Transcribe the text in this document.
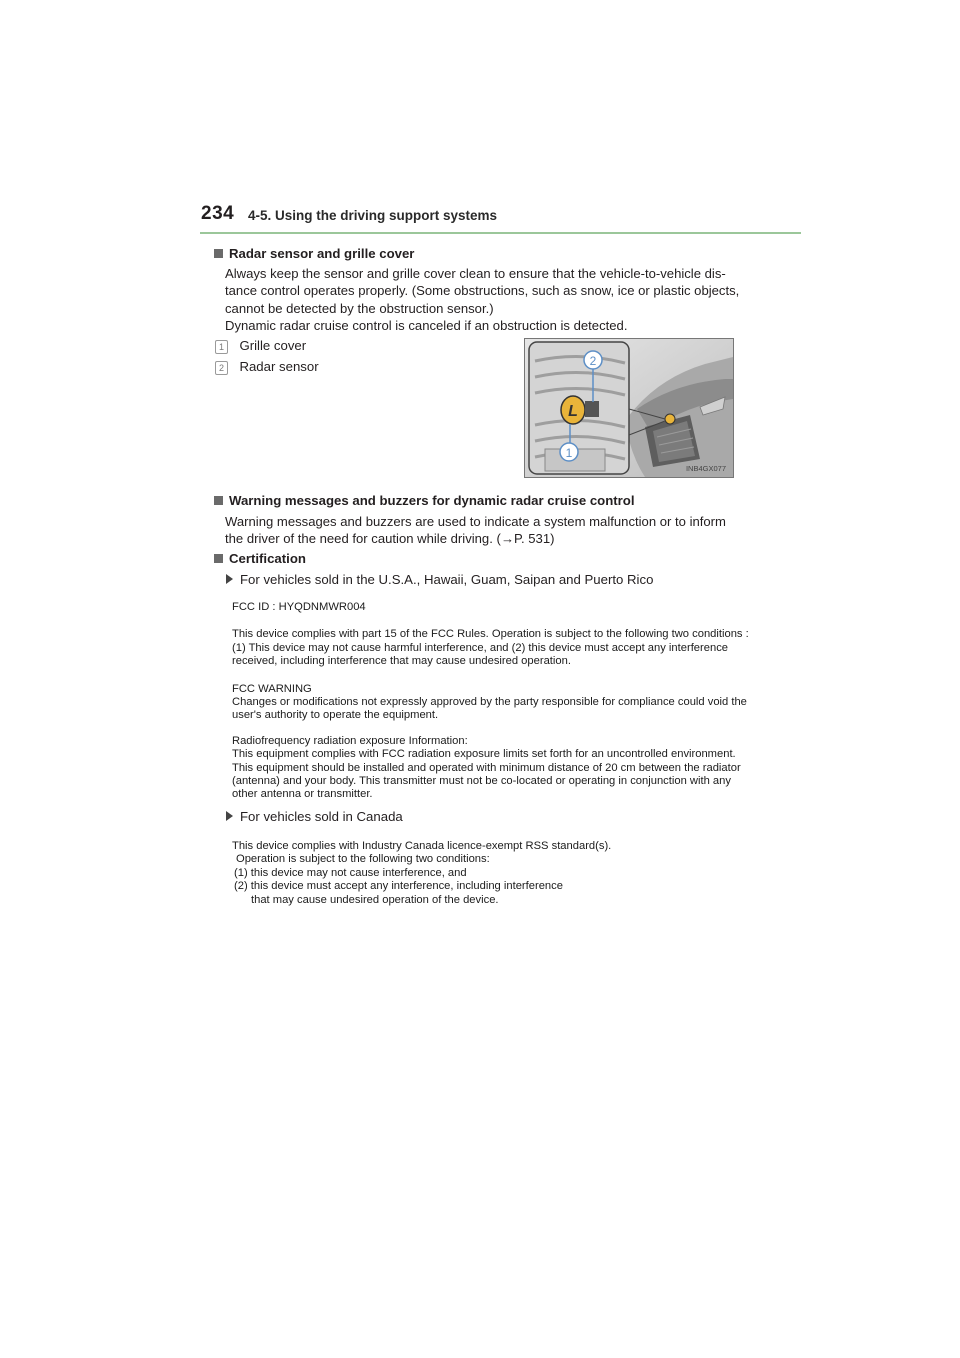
234 4-5. Using the driving support systems
Radar sensor and grille cover
Always keep the sensor and grille cover clean to ensure that the vehicle-to-vehicle dis-
tance control operates properly. (Some obstructions, such as snow, ice or plastic objects,
cannot be detected by the obstruction sensor.)
Dynamic radar cruise control is canceled if an obstruction is detected.
1 Grille cover
2 Radar sensor
L
2
1
INB4GX077
Warning messages and buzzers for dynamic radar cruise control
Warning messages and buzzers are used to indicate a system malfunction or to inform
the driver of the need for caution while driving. (→P. 531)
Certification
For vehicles sold in the U.S.A., Hawaii, Guam, Saipan and Puerto Rico
FCC ID : HYQDNMWR004
This device complies with part 15 of the FCC Rules. Operation is subject to the following two conditions :
(1) This device may not cause harmful interference, and (2) this device must accept any interference
received, including interference that may cause undesired operation.
FCC WARNING
Changes or modifications not expressly approved by the party responsible for compliance could void the
user's authority to operate the equipment.
Radiofrequency radiation exposure Information:
This equipment complies with FCC radiation exposure limits set forth for an uncontrolled environment.
This equipment should be installed and operated with minimum distance of 20 cm between the radiator
(antenna) and your body. This transmitter must not be co-located or operating in conjunction with any
other antenna or transmitter.
For vehicles sold in Canada
This device complies with Industry Canada licence-exempt RSS standard(s).
Operation is subject to the following two conditions:
(1) this device may not cause interference, and
(2) this device must accept any interference, including interference
that may cause undesired operation of the device.
